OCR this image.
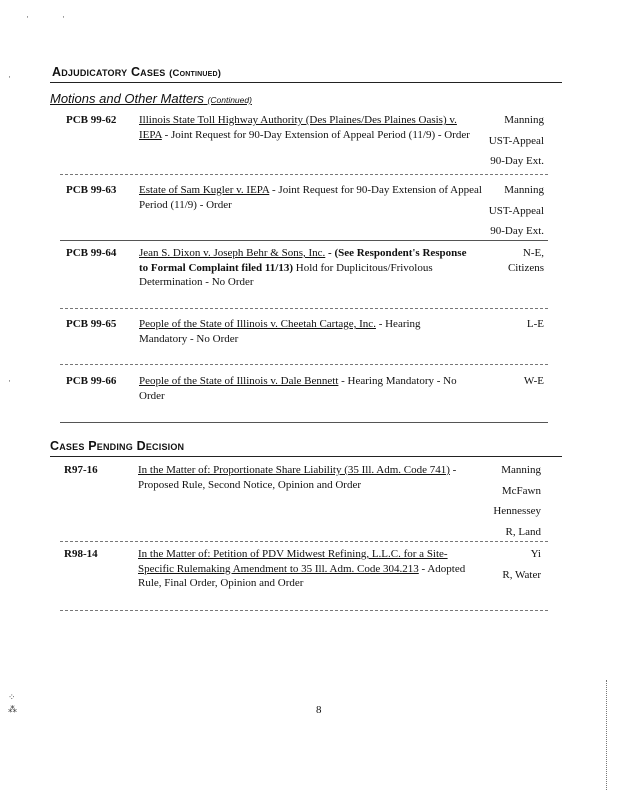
·	·
·
·
⁘
⁂
Adjudicatory Cases (Continued)
Motions and Other Matters (Continued)
PCB 99-62 Illinois State Toll Highway Authority (Des Plaines/Des Plaines Oasis) v. IEPA - Joint Request for 90-Day Extension of Appeal Period (11/9) - Order
Manning
UST-Appeal
90-Day Ext.
PCB 99-63 Estate of Sam Kugler v. IEPA - Joint Request for 90-Day Extension of Appeal Period (11/9) - Order
Manning
UST-Appeal
90-Day Ext.
PCB 99-64 Jean S. Dixon v. Joseph Behr & Sons, Inc. - (See Respondent's Response to Formal Complaint filed 11/13) Hold for Duplicitous/Frivolous Determination - No Order
N-E,
Citizens
PCB 99-65 People of the State of Illinois v. Cheetah Cartage, Inc. - Hearing Mandatory - No Order
L-E
PCB 99-66 People of the State of Illinois v. Dale Bennett - Hearing Mandatory - No Order
W-E
Cases Pending Decision
R97-16	In the Matter of: Proportionate Share Liability (35 Ill. Adm. Code 741) - Proposed Rule, Second Notice, Opinion and Order
Manning
McFawn
Hennessey
R, Land
R98-14	In the Matter of: Petition of PDV Midwest Refining, L.L.C. for a Site-Specific Rulemaking Amendment to 35 Ill. Adm. Code 304.213 - Adopted Rule, Final Order, Opinion and Order
Yi
R, Water
8
